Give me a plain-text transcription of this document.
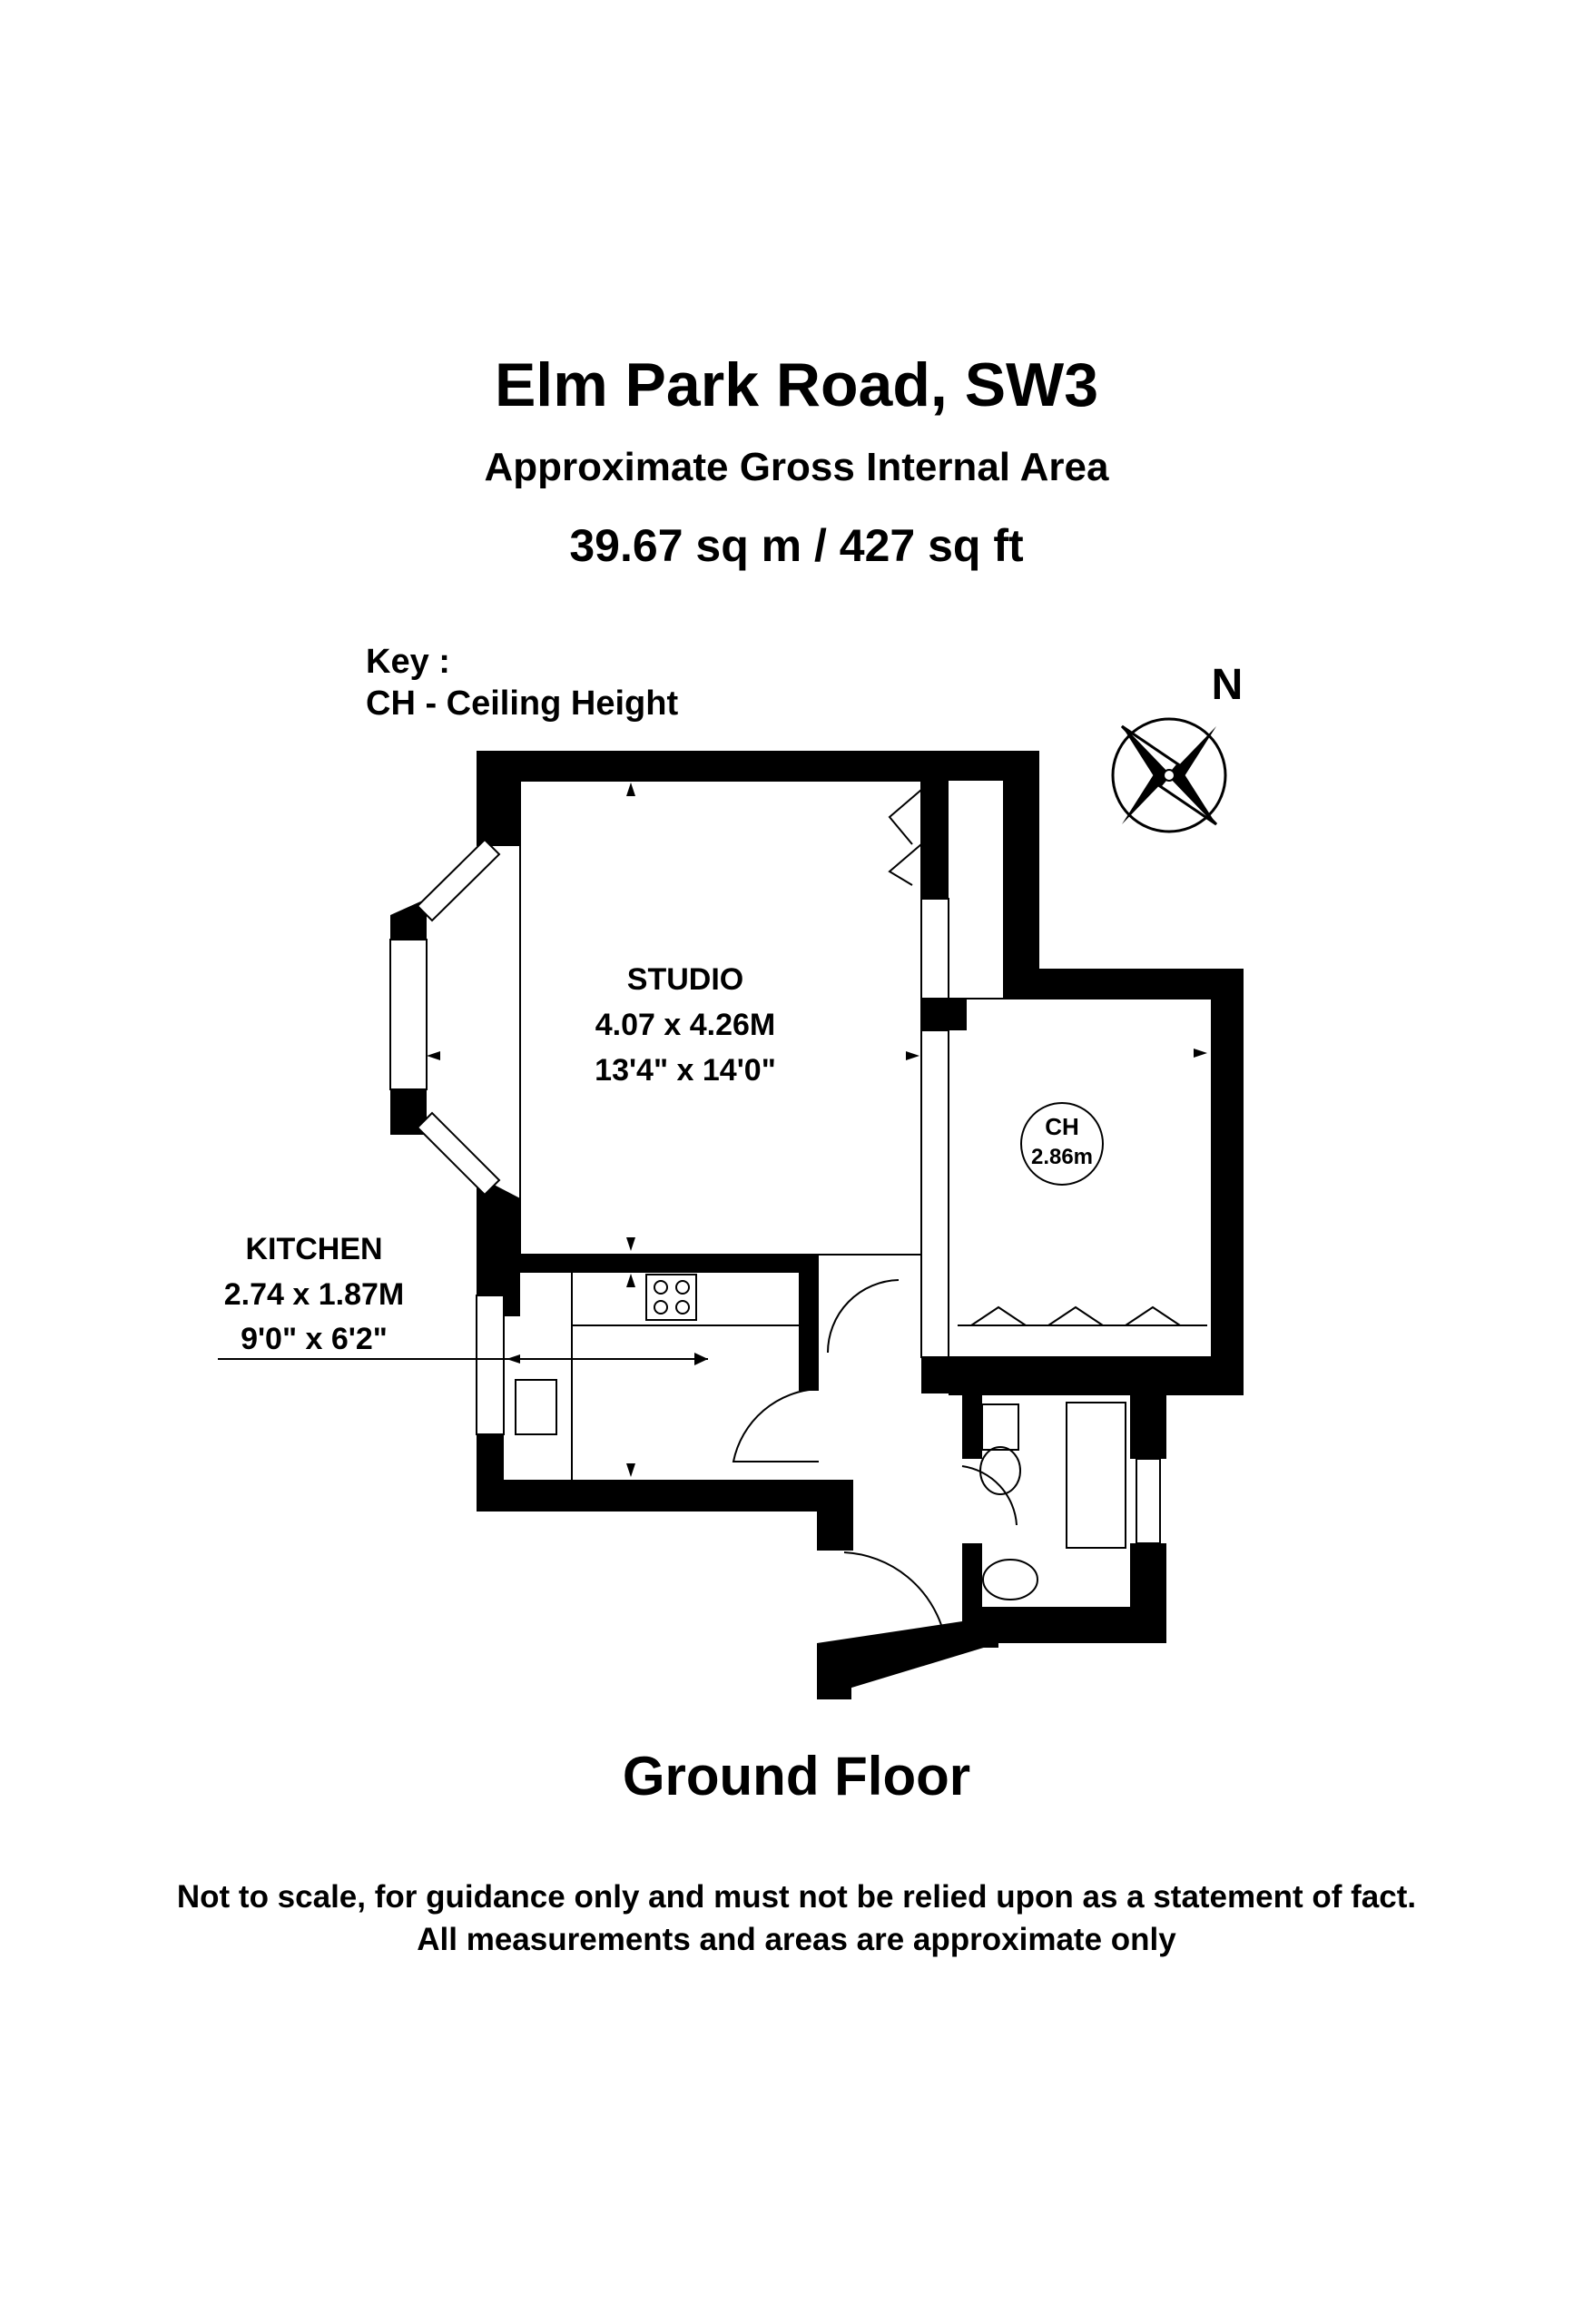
Elm Park Road, SW3
Approximate Gross Internal Area
39.67 sq m / 427 sq ft
Key :
CH - Ceiling Height	N
STUDIO
4.07 x 4.26M
13'4" x 14'0"
KITCHEN
2.74 x 1.87M
9'0" x 6'2"
CH
2.86m
Ground Floor
Not to scale, for guidance only and must not be relied upon as a statement of fact.
All measurements and areas are approximate only
